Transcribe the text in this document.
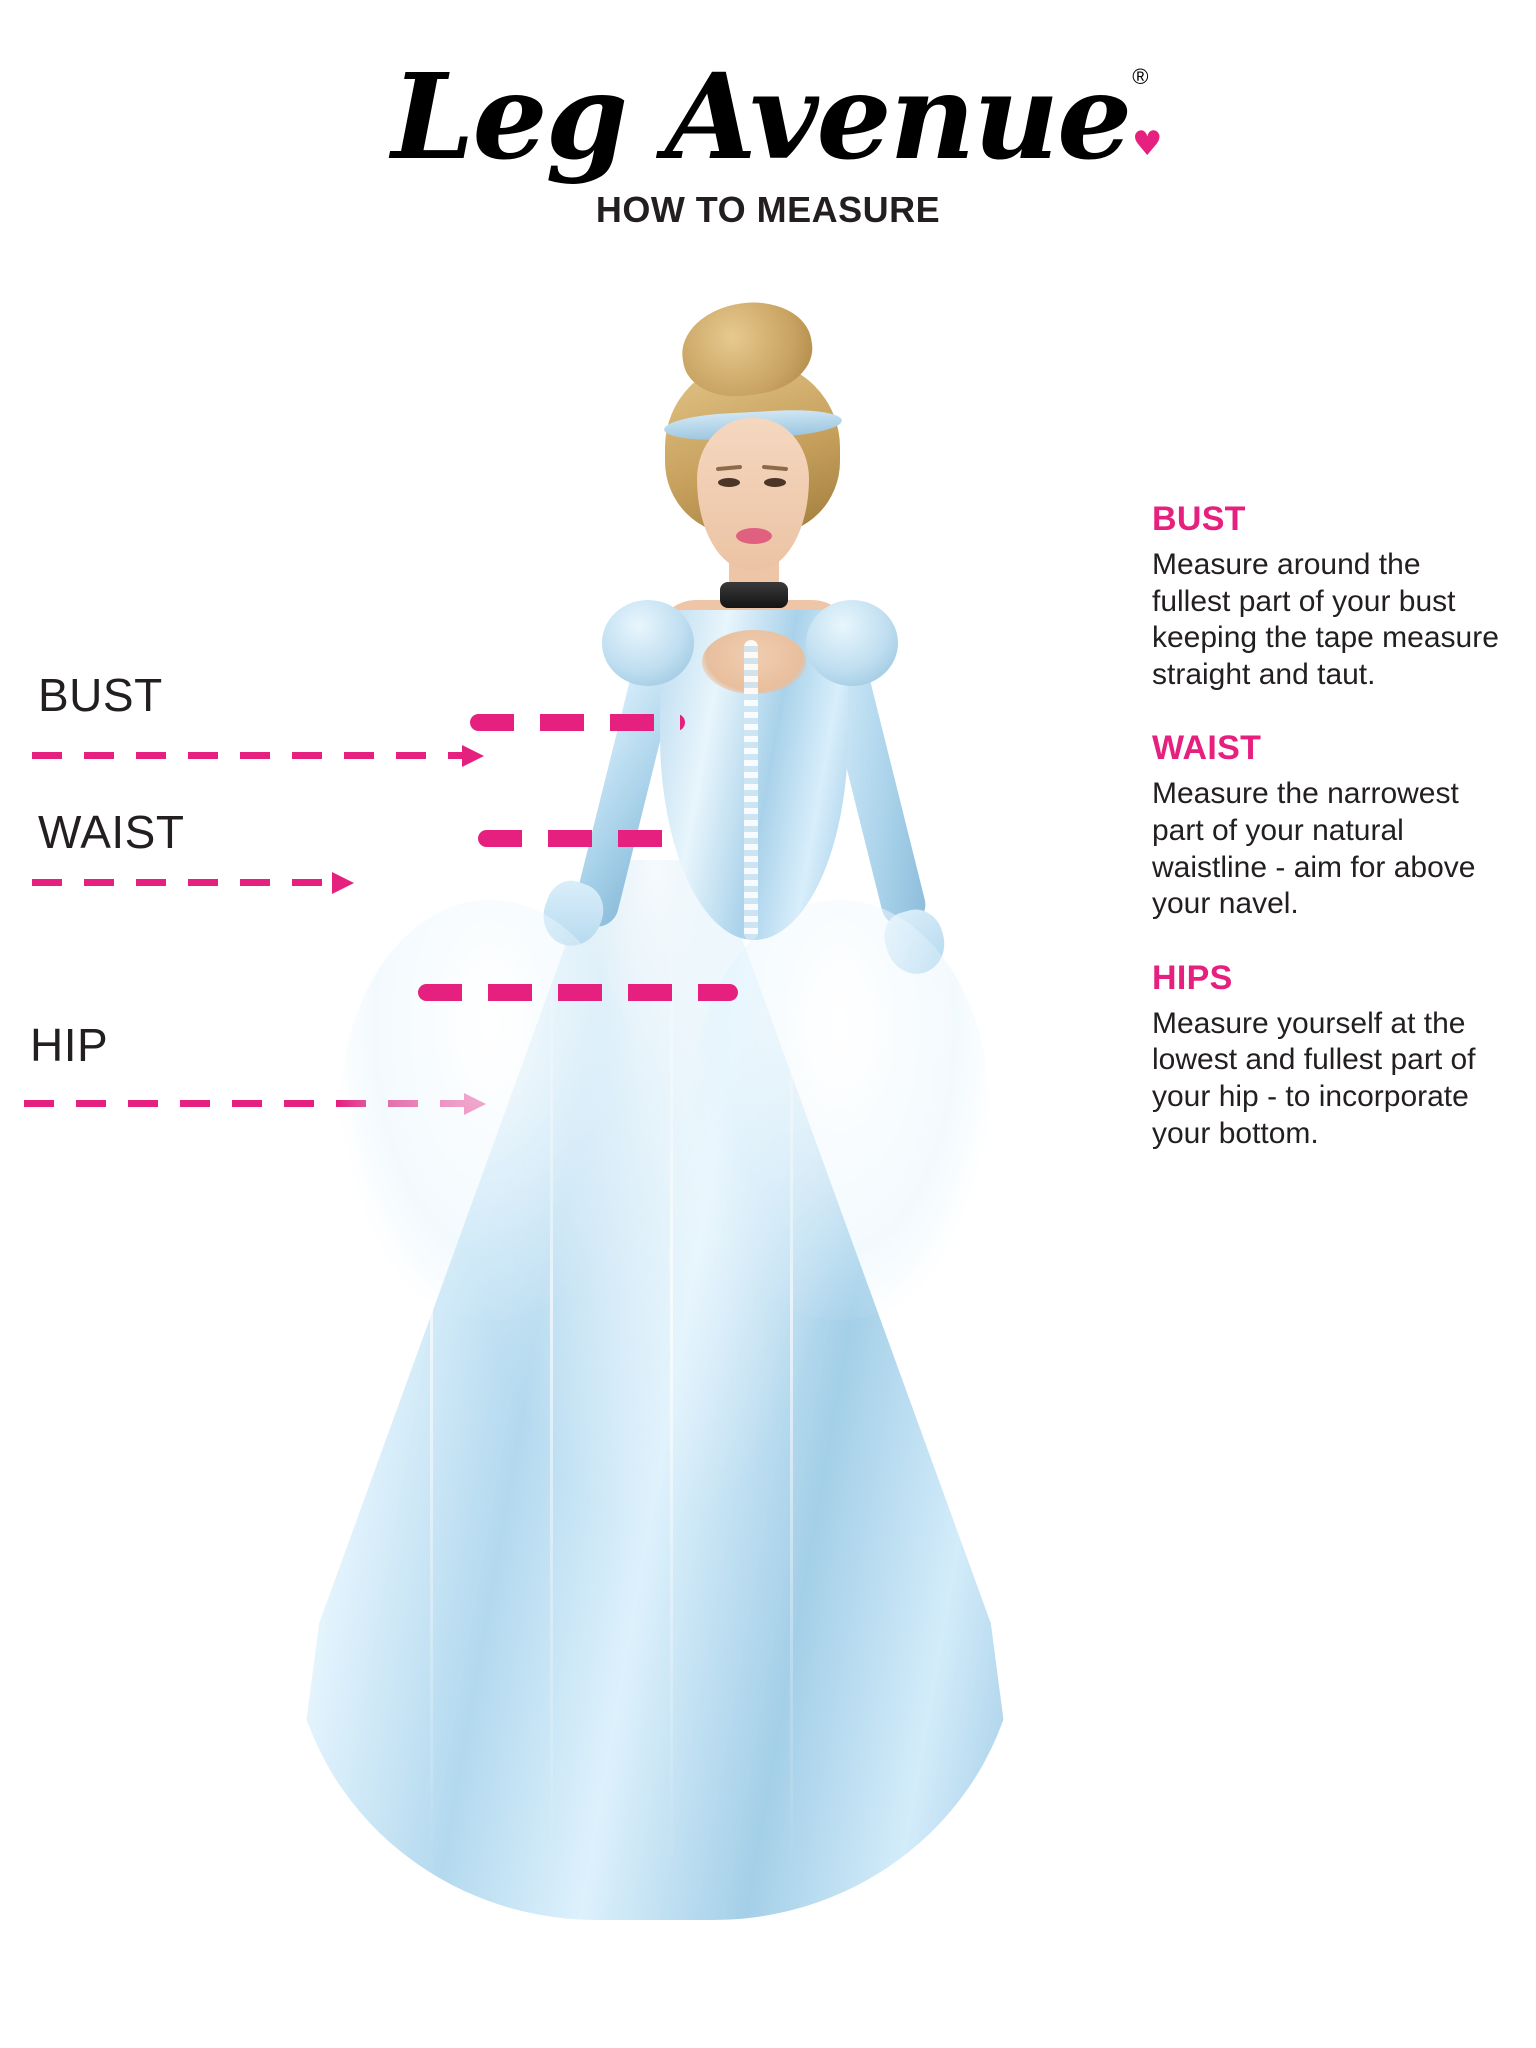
Leg Avenue®
♥
HOW TO MEASURE
BUST
WAIST
HIP

BUST

Measure around the fullest part of your bust keeping the tape measure straight and taut.

WAIST

Measure the narrowest part of your natural waistline - aim for above your navel.

HIPS

Measure yourself at the lowest and fullest part of your hip - to incorporate your bottom.
